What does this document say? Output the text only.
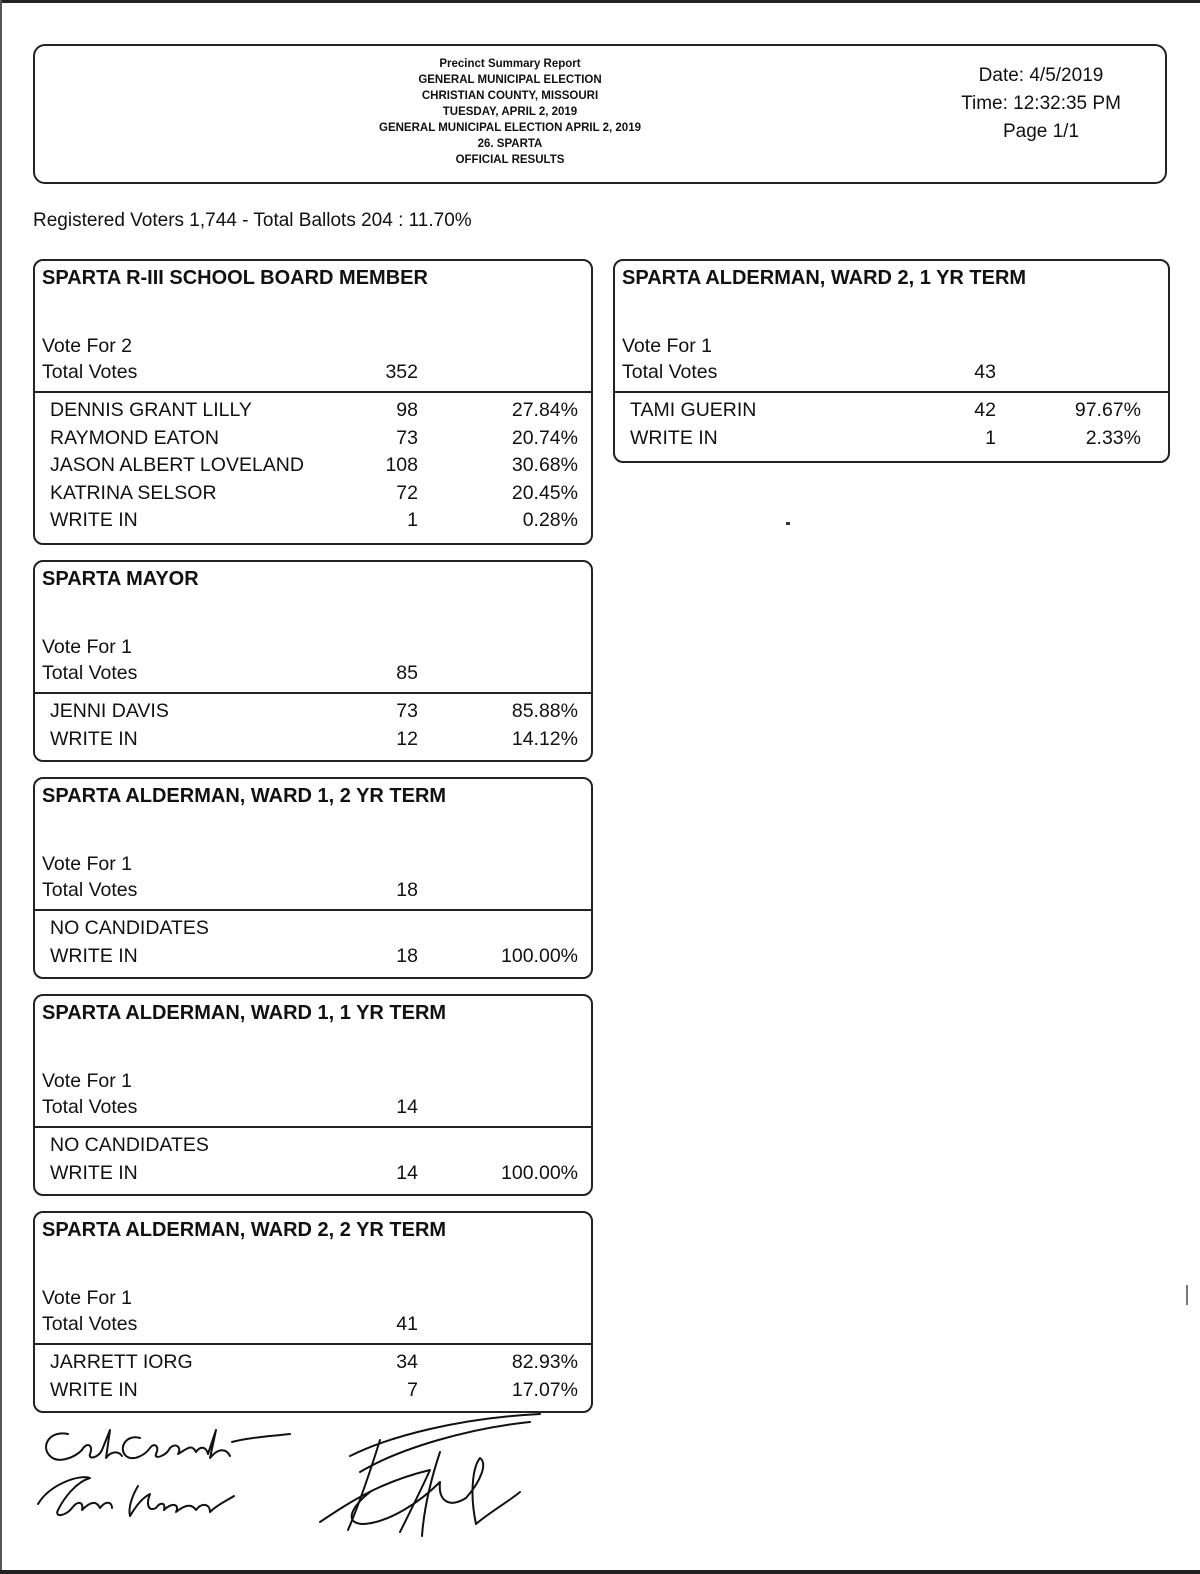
Precinct Summary Report
GENERAL MUNICIPAL ELECTION
CHRISTIAN COUNTY, MISSOURI
TUESDAY, APRIL 2, 2019
GENERAL MUNICIPAL ELECTION APRIL 2, 2019
26. SPARTA
OFFICIAL RESULTS
Date: 4/5/2019
Time: 12:32:35 PM
Page 1/1
Registered Voters 1,744 - Total Ballots 204 : 11.70%
SPARTA R-III SCHOOL BOARD MEMBER
Vote For 2
Total Votes	352
DENNIS GRANT LILLY	98	27.84%
RAYMOND EATON	73	20.74%
JASON ALBERT LOVELAND	108	30.68%
KATRINA SELSOR	72	20.45%
WRITE IN	1	0.28%
SPARTA MAYOR
Vote For 1
Total Votes	85
JENNI DAVIS	73	85.88%
WRITE IN	12	14.12%
SPARTA ALDERMAN, WARD 1, 2 YR TERM
Vote For 1
Total Votes	18
NO CANDIDATES
WRITE IN	18	100.00%
SPARTA ALDERMAN, WARD 1, 1 YR TERM
Vote For 1
Total Votes	14
NO CANDIDATES
WRITE IN	14	100.00%
SPARTA ALDERMAN, WARD 2, 2 YR TERM
Vote For 1
Total Votes	41
JARRETT IORG	34	82.93%
WRITE IN	7	17.07%
SPARTA ALDERMAN, WARD 2, 1 YR TERM
Vote For 1
Total Votes	43
TAMI GUERIN	42	97.67%
WRITE IN	1	2.33%
